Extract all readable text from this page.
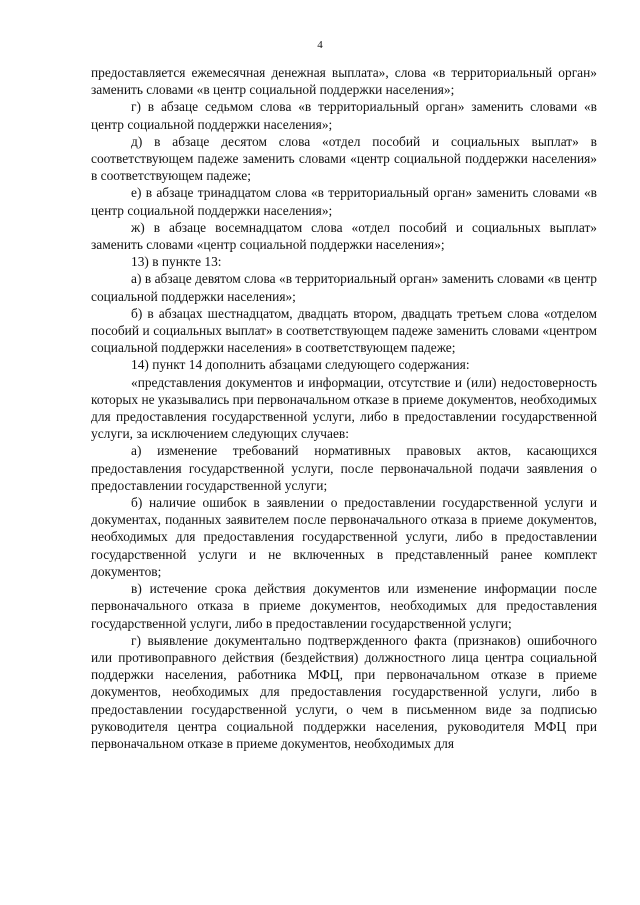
4

предоставляется ежемесячная денежная выплата», слова «в территориальный орган» заменить словами «в центр социальной поддержки населения»;

г) в абзаце седьмом слова «в территориальный орган» заменить словами «в центр социальной поддержки населения»;

д) в абзаце десятом слова «отдел пособий и социальных выплат» в соответствующем падеже заменить словами «центр социальной поддержки населения» в соответствующем падеже;

е) в абзаце тринадцатом слова «в территориальный орган» заменить словами «в центр социальной поддержки населения»;

ж) в абзаце восемнадцатом слова «отдел пособий и социальных выплат» заменить словами «центр социальной поддержки населения»;

13) в пункте 13:

а) в абзаце девятом слова «в территориальный орган» заменить словами «в центр социальной поддержки населения»;

б) в абзацах шестнадцатом, двадцать втором, двадцать третьем слова «отделом пособий и социальных выплат» в соответствующем падеже заменить словами «центром социальной поддержки населения» в соответствующем падеже;

14) пункт 14 дополнить абзацами следующего содержания:

«представления документов и информации, отсутствие и (или) недостоверность которых не указывались при первоначальном отказе в приеме документов, необходимых для предоставления государственной услуги, либо в предоставлении государственной услуги, за исключением следующих случаев:

а) изменение требований нормативных правовых актов, касающихся предоставления государственной услуги, после первоначальной подачи заявления о предоставлении государственной услуги;

б) наличие ошибок в заявлении о предоставлении государственной услуги и документах, поданных заявителем после первоначального отказа в приеме документов, необходимых для предоставления государственной услуги, либо в предоставлении государственной услуги и не включенных в представленный ранее комплект документов;

в) истечение срока действия документов или изменение информации после первоначального отказа в приеме документов, необходимых для предоставления государственной услуги, либо в предоставлении государственной услуги;

г) выявление документально подтвержденного факта (признаков) ошибочного или противоправного действия (бездействия) должностного лица центра социальной поддержки населения, работника МФЦ, при первоначальном отказе в приеме документов, необходимых для предоставления государственной услуги, либо в предоставлении государственной услуги, о чем в письменном виде за подписью руководителя центра социальной поддержки населения, руководителя МФЦ при первоначальном отказе в приеме документов, необходимых для
